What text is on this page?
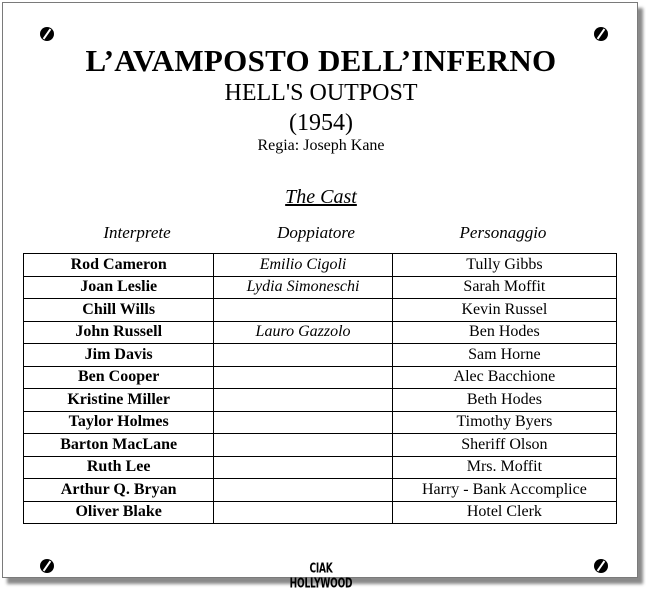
L’AVAMPOSTO DELL’INFERNO
HELL'S OUTPOST
(1954)
Regia: Joseph Kane
The Cast
Interprete	Doppiatore	Personaggio
Rod Cameron	Emilio Cigoli	Tully Gibbs
Joan Leslie	Lydia Simoneschi	Sarah Moffit
Chill Wills		Kevin Russel
John Russell	Lauro Gazzolo	Ben Hodes
Jim Davis		Sam Horne
Ben Cooper		Alec Bacchione
Kristine Miller		Beth Hodes
Taylor Holmes		Timothy Byers
Barton MacLane		Sheriff Olson
Ruth Lee		Mrs. Moffit
Arthur Q. Bryan		Harry - Bank Accomplice
Oliver Blake		Hotel Clerk
CIAK HOLLYWOOD
